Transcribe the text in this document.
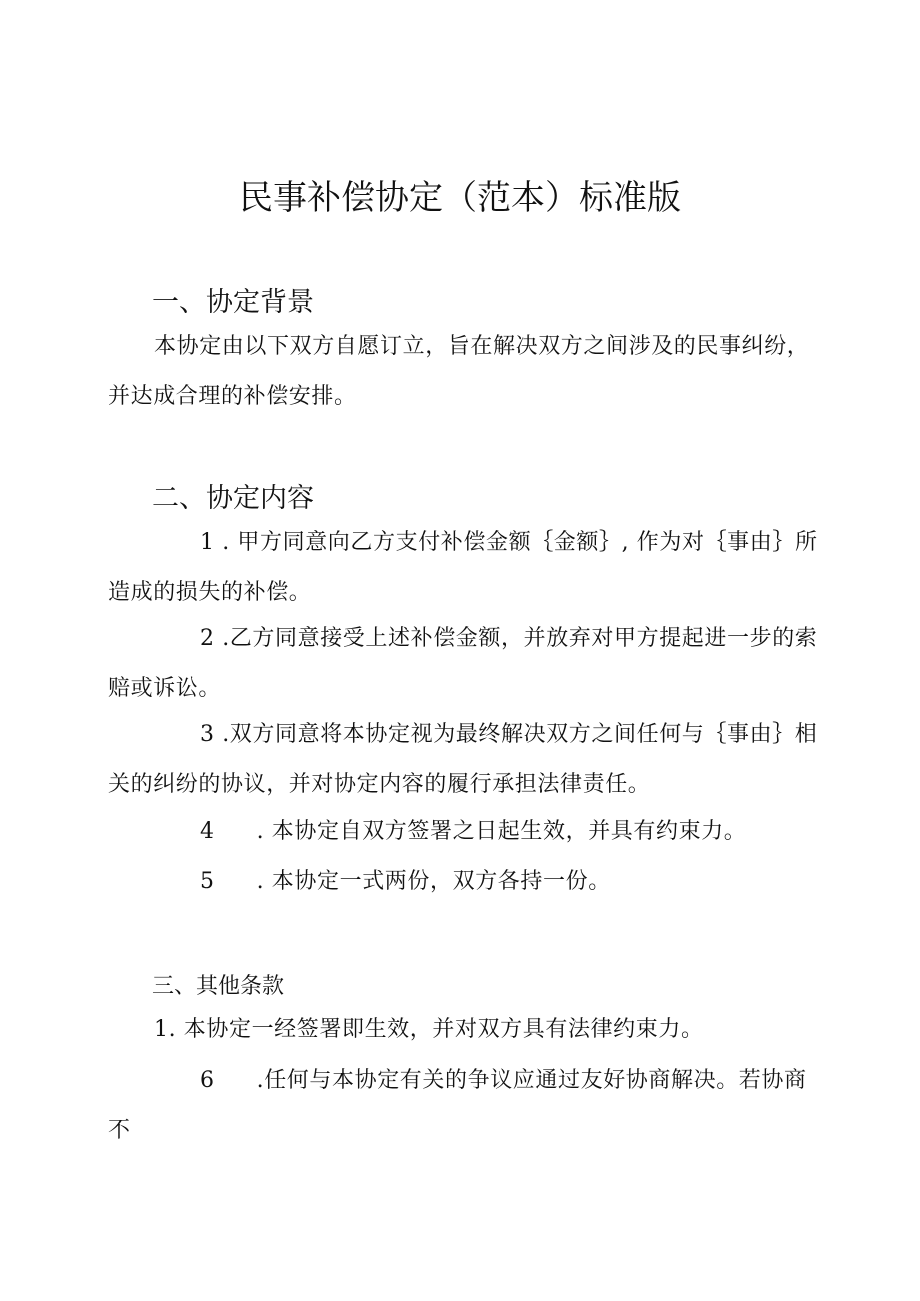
民事补偿协定（范本）标准版
一、协定背景

本协定由以下双方自愿订立，旨在解决双方之间涉及的民事纠纷，并达成合理的补偿安排。

二、协定内容

1 . 甲方同意向乙方支付补偿金额｛金额｝, 作为对｛事由｝所造成的损失的补偿。

2 .乙方同意接受上述补偿金额，并放弃对甲方提起进一步的索赔或诉讼。

3 .双方同意将本协定视为最终解决双方之间任何与｛事由｝相关的纠纷的协议，并对协定内容的履行承担法律责任。

4 . 本协定自双方签署之日起生效，并具有约束力。

5 . 本协定一式两份，双方各持一份。

三、其他条款

1. 本协定一经签署即生效，并对双方具有法律约束力。

6 .任何与本协定有关的争议应通过友好协商解决。若协商不
